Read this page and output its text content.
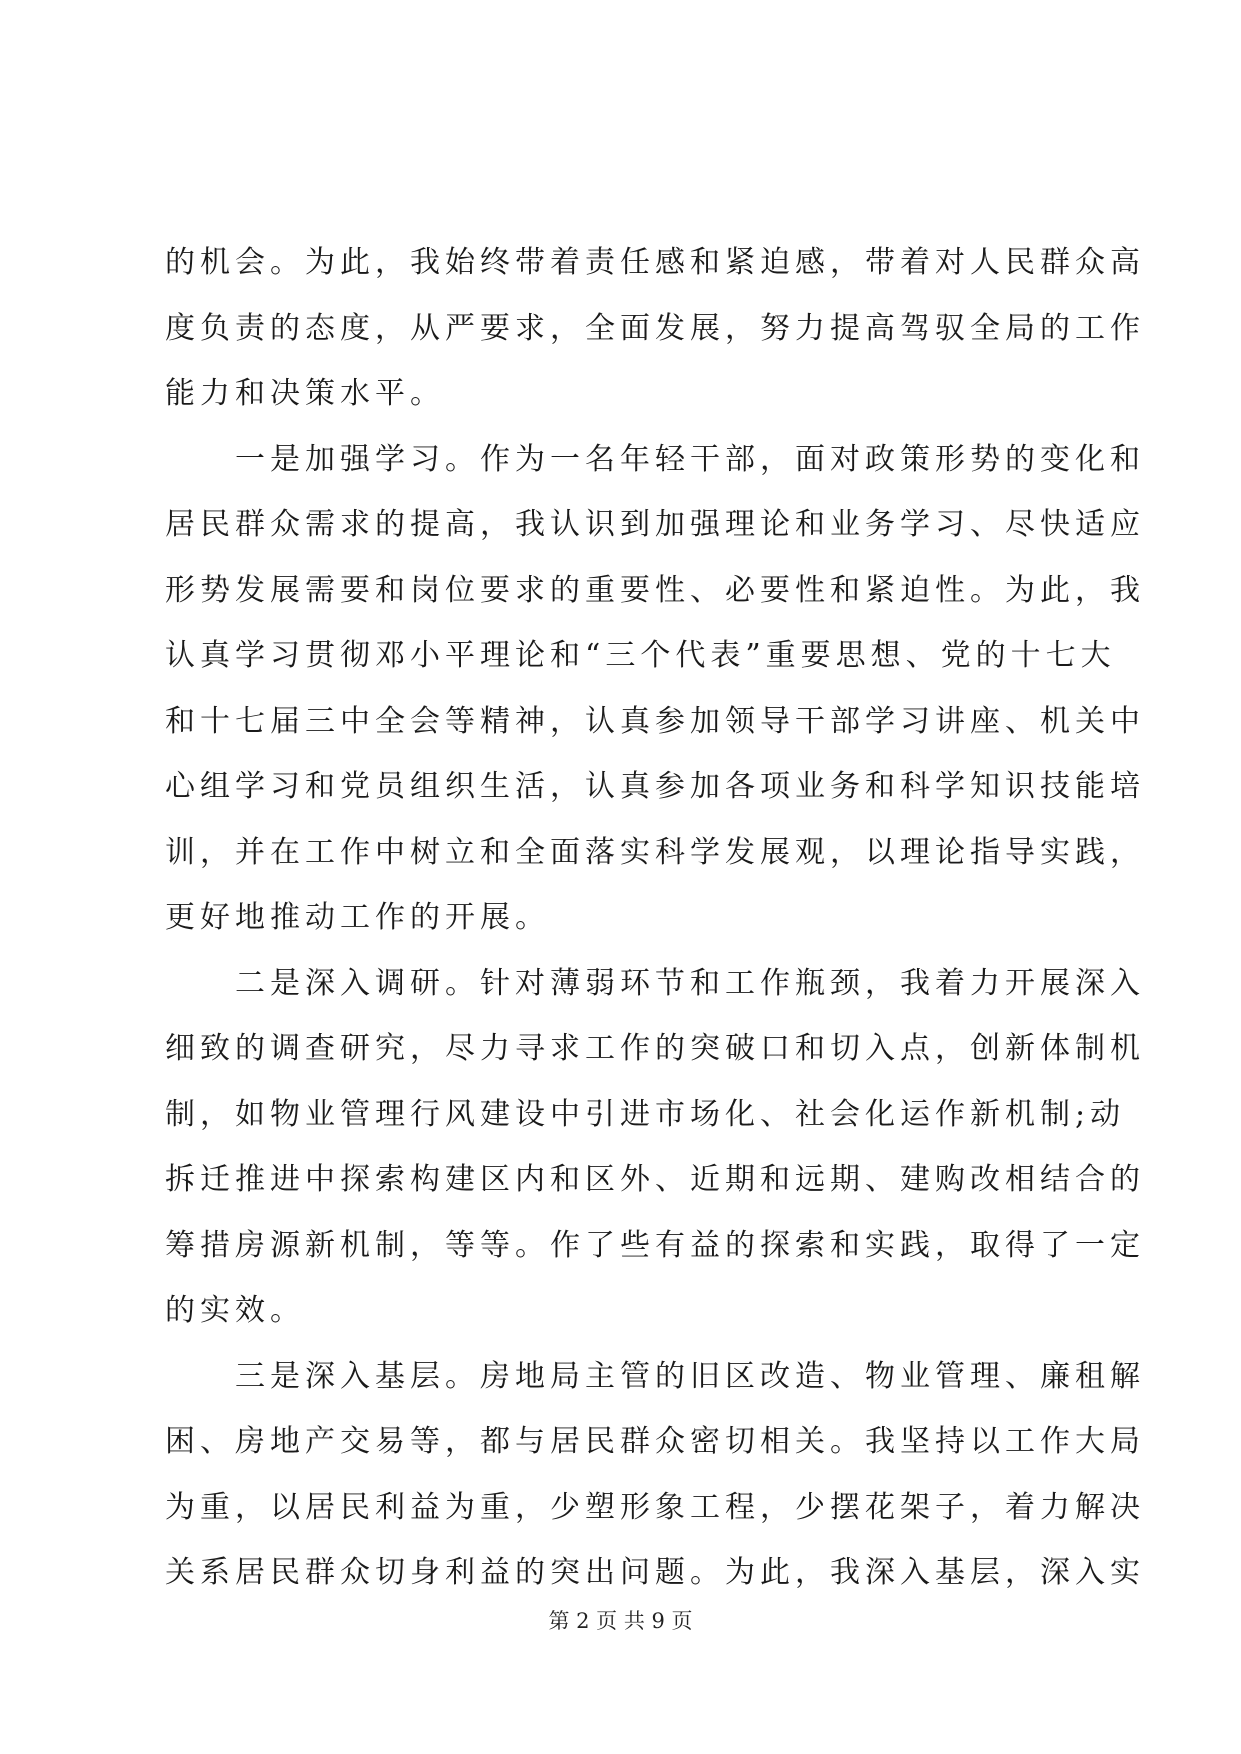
的机会。为此，我始终带着责任感和紧迫感，带着对人民群众高
度负责的态度，从严要求，全面发展，努力提高驾驭全局的工作
能力和决策水平。
一是加强学习。作为一名年轻干部，面对政策形势的变化和
居民群众需求的提高，我认识到加强理论和业务学习、尽快适应
形势发展需要和岗位要求的重要性、必要性和紧迫性。为此，我
认真学习贯彻邓小平理论和“三个代表”重要思想、党的十七大
和十七届三中全会等精神，认真参加领导干部学习讲座、机关中
心组学习和党员组织生活，认真参加各项业务和科学知识技能培
训，并在工作中树立和全面落实科学发展观，以理论指导实践，
更好地推动工作的开展。
二是深入调研。针对薄弱环节和工作瓶颈，我着力开展深入
细致的调查研究，尽力寻求工作的突破口和切入点，创新体制机
制，如物业管理行风建设中引进市场化、社会化运作新机制;动
拆迁推进中探索构建区内和区外、近期和远期、建购改相结合的
筹措房源新机制，等等。作了些有益的探索和实践，取得了一定
的实效。
三是深入基层。房地局主管的旧区改造、物业管理、廉租解
困、房地产交易等，都与居民群众密切相关。我坚持以工作大局
为重，以居民利益为重，少塑形象工程，少摆花架子，着力解决
关系居民群众切身利益的突出问题。为此，我深入基层，深入实
第 2 页 共 9 页
